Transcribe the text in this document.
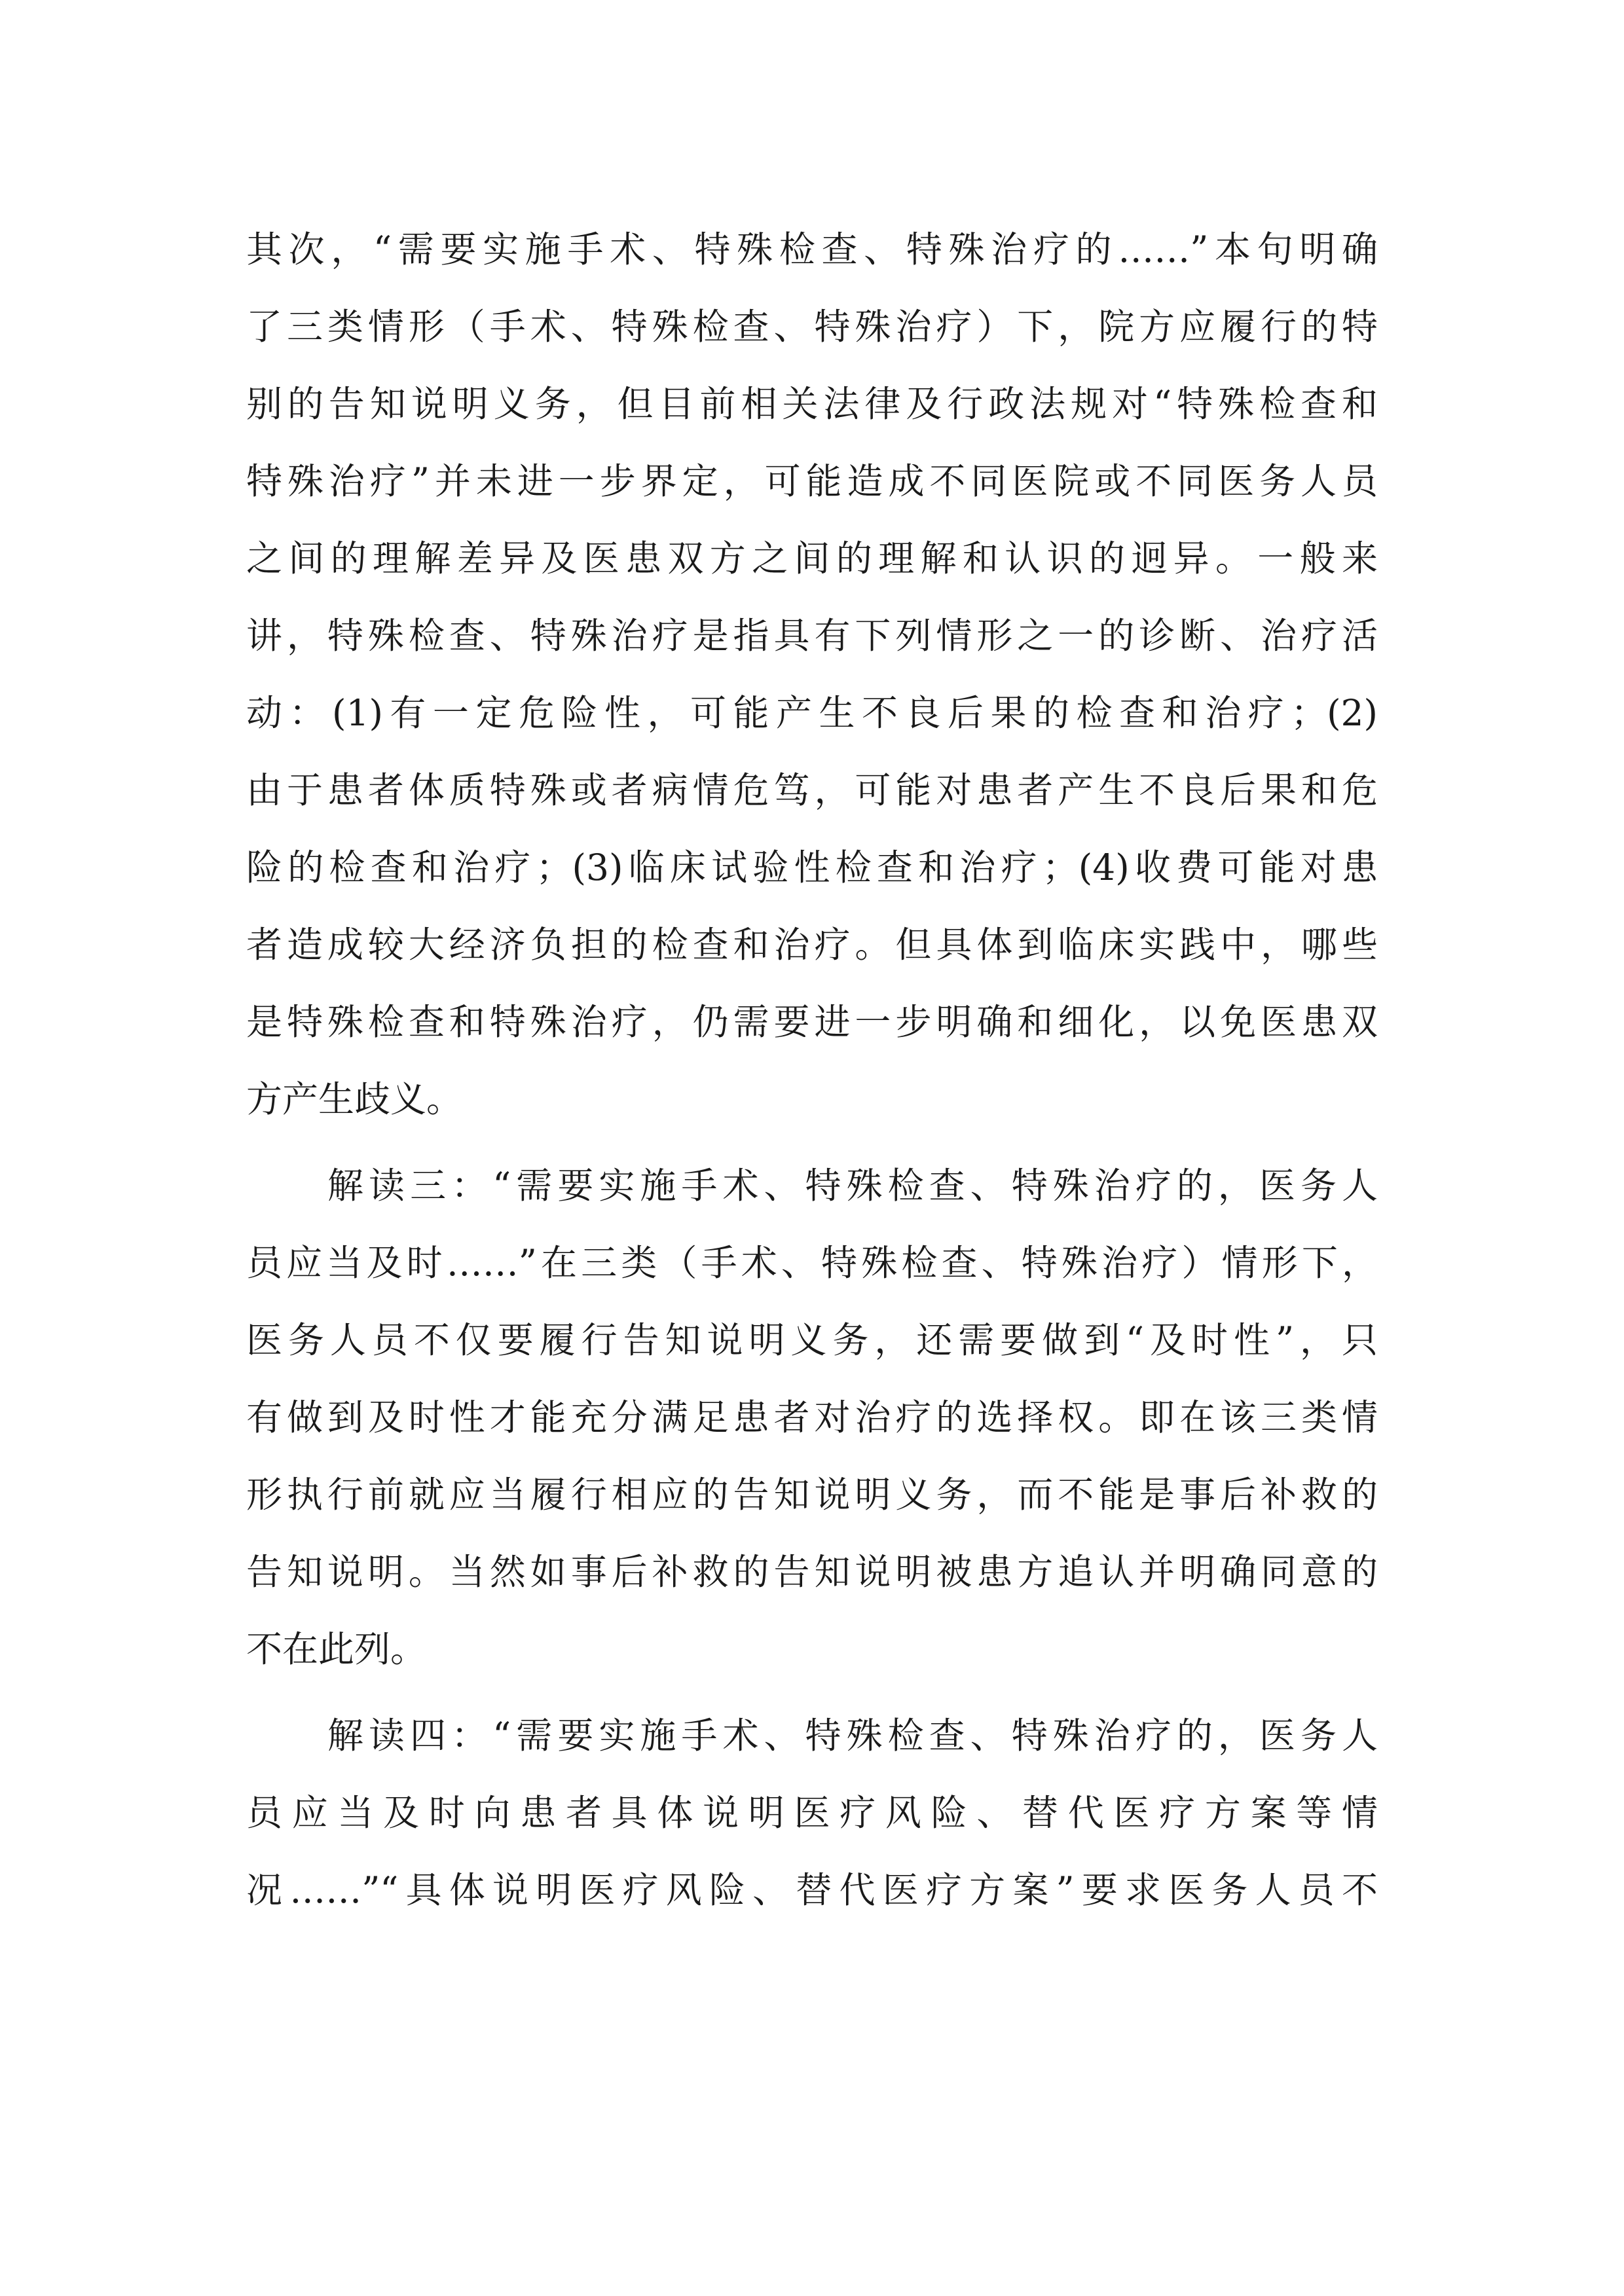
其次，“需要实施手术、特殊检查、特殊治疗的……”本句明确
了三类情形（手术、特殊检查、特殊治疗）下，院方应履行的特
别的告知说明义务，但目前相关法律及行政法规对“特殊检查和
特殊治疗”并未进一步界定，可能造成不同医院或不同医务人员
之间的理解差异及医患双方之间的理解和认识的迥异。一般来
讲，特殊检查、特殊治疗是指具有下列情形之一的诊断、治疗活
动：(1)有一定危险性，可能产生不良后果的检查和治疗；(2)
由于患者体质特殊或者病情危笃，可能对患者产生不良后果和危
险的检查和治疗；(3)临床试验性检查和治疗；(4)收费可能对患
者造成较大经济负担的检查和治疗。但具体到临床实践中，哪些
是特殊检查和特殊治疗，仍需要进一步明确和细化，以免医患双
方产生歧义。
解读三：“需要实施手术、特殊检查、特殊治疗的，医务人
员应当及时……”在三类（手术、特殊检查、特殊治疗）情形下，
医务人员不仅要履行告知说明义务，还需要做到“及时性”，只
有做到及时性才能充分满足患者对治疗的选择权。即在该三类情
形执行前就应当履行相应的告知说明义务，而不能是事后补救的
告知说明。当然如事后补救的告知说明被患方追认并明确同意的
不在此列。
解读四：“需要实施手术、特殊检查、特殊治疗的，医务人
员应当及时向患者具体说明医疗风险、替代医疗方案等情
况……”“具体说明医疗风险、替代医疗方案”要求医务人员不
